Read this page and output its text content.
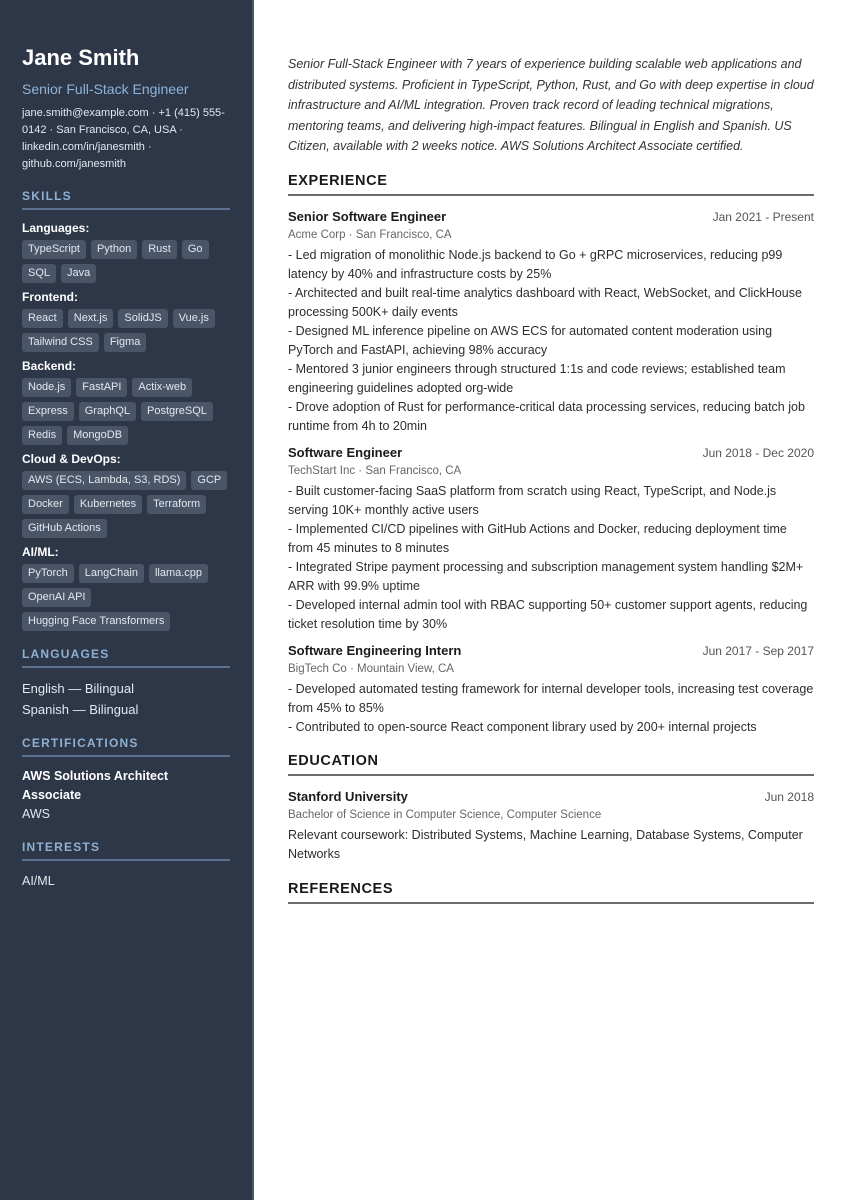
Jane Smith
Senior Full-Stack Engineer
jane.smith@example.com · +1 (415) 555-0142 · San Francisco, CA, USA · linkedin.com/in/janesmith · github.com/janesmith
SKILLS
Languages:
TypeScript	Python	Rust	Go
SQL	Java
Frontend:
React	Next.js	SolidJS	Vue.js
Tailwind CSS	Figma
Backend:
Node.js	FastAPI	Actix-web
Express	GraphQL	PostgreSQL
Redis	MongoDB
Cloud & DevOps:
AWS (ECS, Lambda, S3, RDS)	GCP
Docker	Kubernetes	Terraform
GitHub Actions
AI/ML:
PyTorch	LangChain	llama.cpp
OpenAI API
Hugging Face Transformers
LANGUAGES
English — Bilingual
Spanish — Bilingual
CERTIFICATIONS
AWS Solutions Architect Associate
AWS
INTERESTS
AI/ML

Senior Full-Stack Engineer with 7 years of experience building scalable web applications and distributed systems. Proficient in TypeScript, Python, Rust, and Go with deep expertise in cloud infrastructure and AI/ML integration. Proven track record of leading technical migrations, mentoring teams, and delivering high-impact features. Bilingual in English and Spanish. US Citizen, available with 2 weeks notice. AWS Solutions Architect Associate certified.

EXPERIENCE
Senior Software Engineer	Jan 2021 - Present
Acme Corp · San Francisco, CA
- Led migration of monolithic Node.js backend to Go + gRPC microservices, reducing p99 latency by 40% and infrastructure costs by 25%
- Architected and built real-time analytics dashboard with React, WebSocket, and ClickHouse processing 500K+ daily events
- Designed ML inference pipeline on AWS ECS for automated content moderation using PyTorch and FastAPI, achieving 98% accuracy
- Mentored 3 junior engineers through structured 1:1s and code reviews; established team engineering guidelines adopted org-wide
- Drove adoption of Rust for performance-critical data processing services, reducing batch job runtime from 4h to 20min
Software Engineer	Jun 2018 - Dec 2020
TechStart Inc · San Francisco, CA
- Built customer-facing SaaS platform from scratch using React, TypeScript, and Node.js serving 10K+ monthly active users
- Implemented CI/CD pipelines with GitHub Actions and Docker, reducing deployment time from 45 minutes to 8 minutes
- Integrated Stripe payment processing and subscription management system handling $2M+ ARR with 99.9% uptime
- Developed internal admin tool with RBAC supporting 50+ customer support agents, reducing ticket resolution time by 30%
Software Engineering Intern	Jun 2017 - Sep 2017
BigTech Co · Mountain View, CA
- Developed automated testing framework for internal developer tools, increasing test coverage from 45% to 85%
- Contributed to open-source React component library used by 200+ internal projects
EDUCATION
Stanford University	Jun 2018
Bachelor of Science in Computer Science, Computer Science
Relevant coursework: Distributed Systems, Machine Learning, Database Systems, Computer Networks
REFERENCES
